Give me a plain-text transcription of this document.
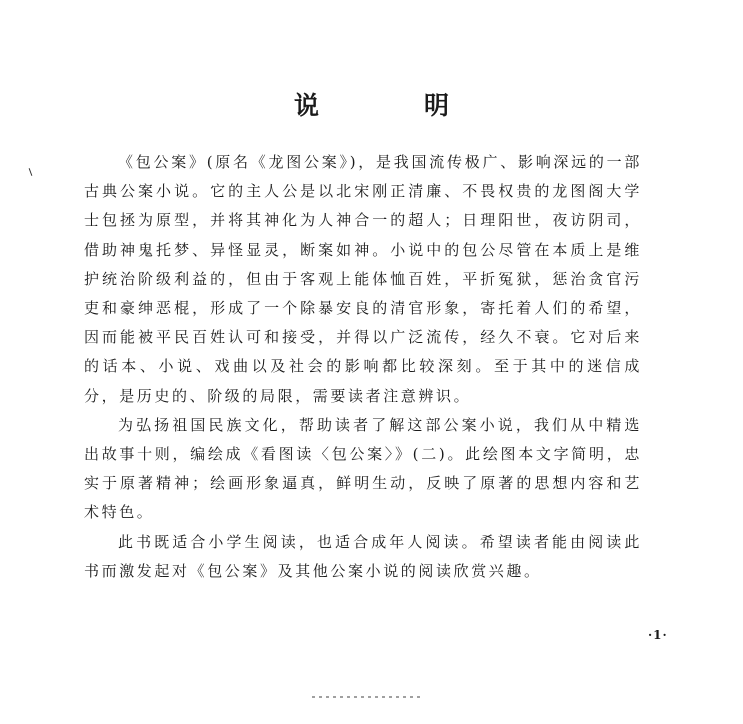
说　明

《包公案》(原名《龙图公案》)，是我国流传极广、影响深远的一部古典公案小说。它的主人公是以北宋刚正清廉、不畏权贵的龙图阁大学士包拯为原型，并将其神化为人神合一的超人；日理阳世，夜访阴司，借助神鬼托梦、异怪显灵，断案如神。小说中的包公尽管在本质上是维护统治阶级利益的，但由于客观上能体恤百姓，平折冤狱，惩治贪官污吏和豪绅恶棍，形成了一个除暴安良的清官形象，寄托着人们的希望，因而能被平民百姓认可和接受，并得以广泛流传，经久不衰。它对后来的话本、小说、戏曲以及社会的影响都比较深刻。至于其中的迷信成分，是历史的、阶级的局限，需要读者注意辨识。

为弘扬祖国民族文化，帮助读者了解这部公案小说，我们从中精选出故事十则，编绘成《看图读〈包公案〉》(二)。此绘图本文字简明，忠实于原著精神；绘画形象逼真，鲜明生动，反映了原著的思想内容和艺术特色。

此书既适合小学生阅读，也适合成年人阅读。希望读者能由阅读此书而激发起对《包公案》及其他公案小说的阅读欣赏兴趣。

·1·
